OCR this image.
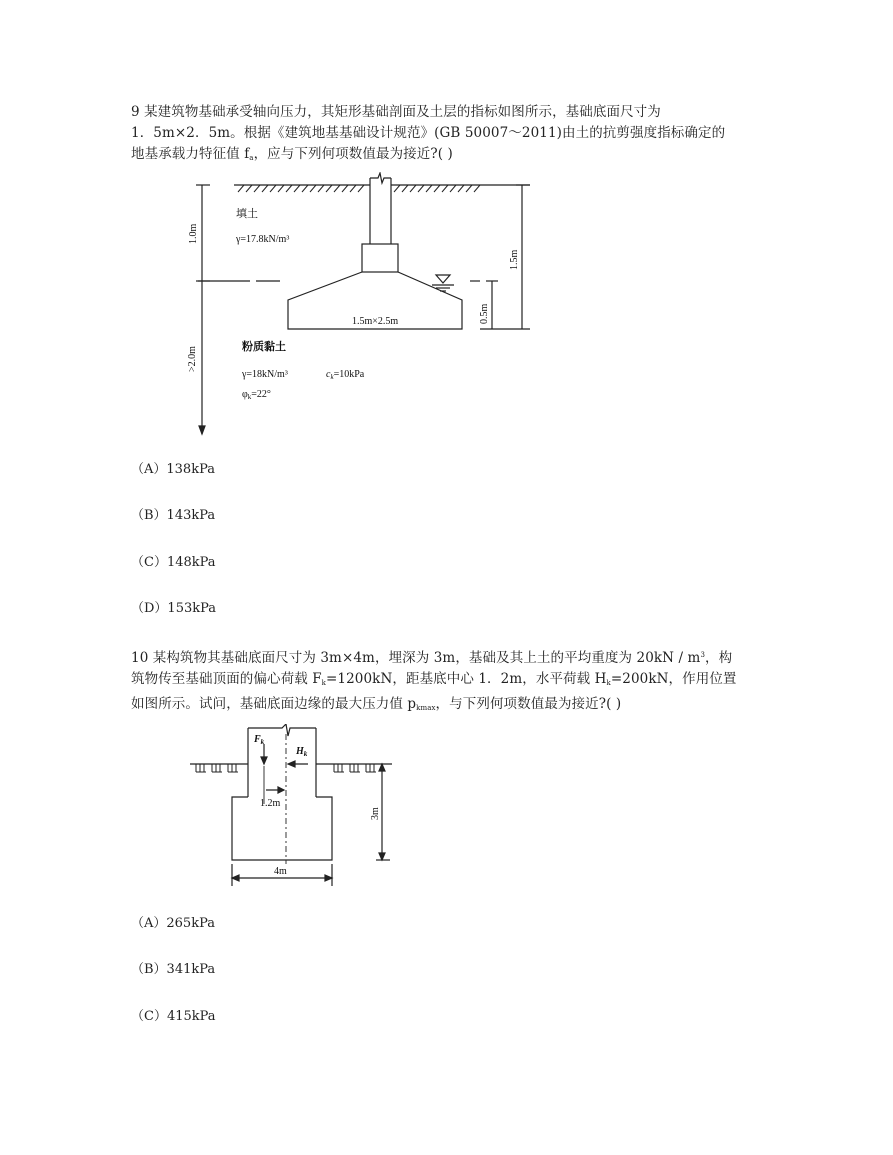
9 某建筑物基础承受轴向压力，其矩形基础剖面及土层的指标如图所示，基础底面尺寸为
1．5m×2．5m。根据《建筑地基基础设计规范》(GB 50007～2011)由土的抗剪强度指标确定的
地基承载力特征值 $f_a$，应与下列何项数值最为接近?( )
填土
γ=17.8kN/m³
1.0m
>2.0m
1.5m
0.5m
1.5m×2.5m
粉质黏土
γ=18kN/m³	$c_k=10kPa$
$\varphi_k=22^\circ$
（A）138kPa
（B）143kPa
（C）148kPa
（D）153kPa
10 某构筑物其基础底面尺寸为 3m×4m，埋深为 3m，基础及其上土的平均重度为 $20kN / m^3$，构
筑物传至基础顶面的偏心荷载 $F_k=1200kN$，距基底中心 1．2m，水平荷载 $H_k=200kN$，作用位置
如图所示。试问，基础底面边缘的最大压力值 $p_{kmax}$，与下列何项数值最为接近?( )
$F_k$
$H_k$
1.2m
3m
4m
（A）265kPa
（B）341kPa
（C）415kPa
